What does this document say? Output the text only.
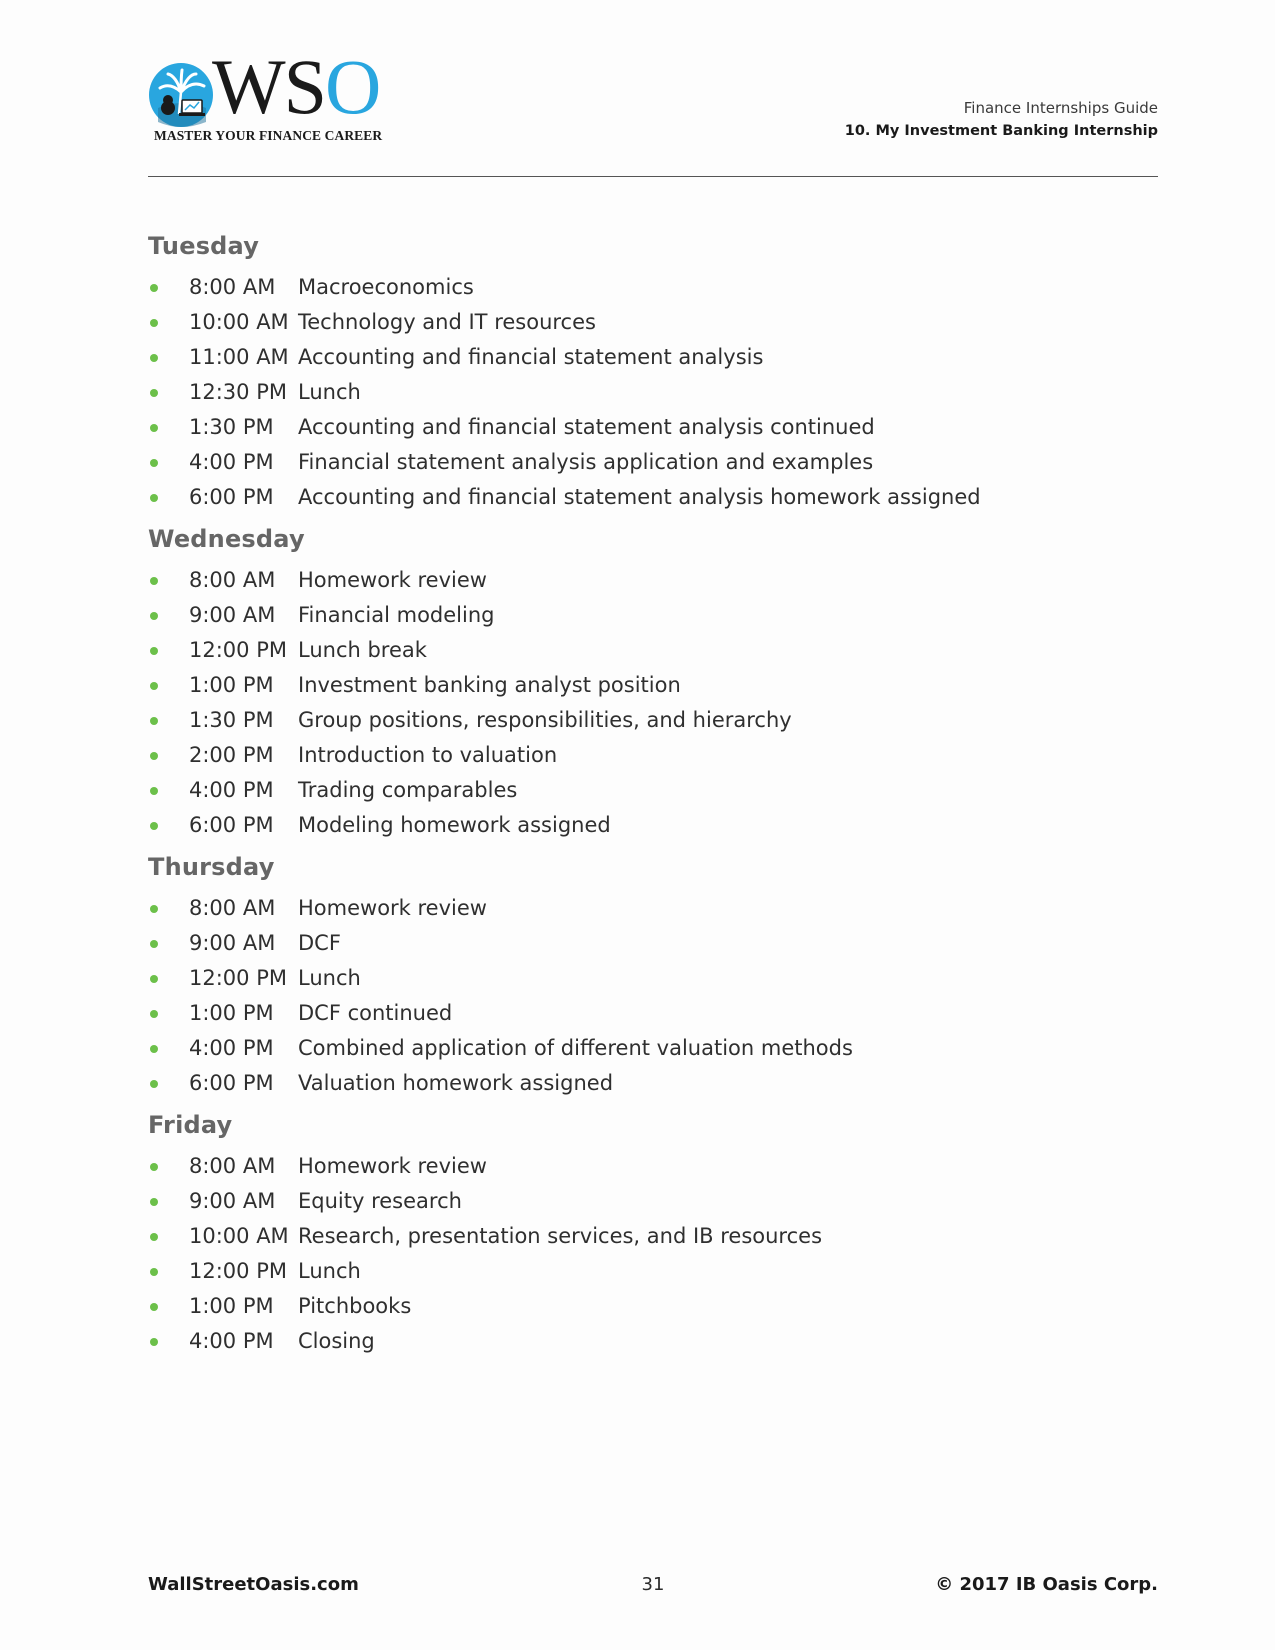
WSO
MASTER YOUR FINANCE CAREER
Finance Internships Guide
10. My Investment Banking Internship
Tuesday
8:00 AM Macroeconomics
10:00 AM Technology and IT resources
11:00 AM Accounting and financial statement analysis
12:30 PM Lunch
1:30 PM Accounting and financial statement analysis continued
4:00 PM Financial statement analysis application and examples
6:00 PM Accounting and financial statement analysis homework assigned
Wednesday
8:00 AM Homework review
9:00 AM Financial modeling
12:00 PM Lunch break
1:00 PM Investment banking analyst position
1:30 PM Group positions, responsibilities, and hierarchy
2:00 PM Introduction to valuation
4:00 PM Trading comparables
6:00 PM Modeling homework assigned
Thursday
8:00 AM Homework review
9:00 AM DCF
12:00 PM Lunch
1:00 PM DCF continued
4:00 PM Combined application of different valuation methods
6:00 PM Valuation homework assigned
Friday
8:00 AM Homework review
9:00 AM Equity research
10:00 AM Research, presentation services, and IB resources
12:00 PM Lunch
1:00 PM Pitchbooks
4:00 PM Closing
WallStreetOasis.com	31	© 2017 IB Oasis Corp.
